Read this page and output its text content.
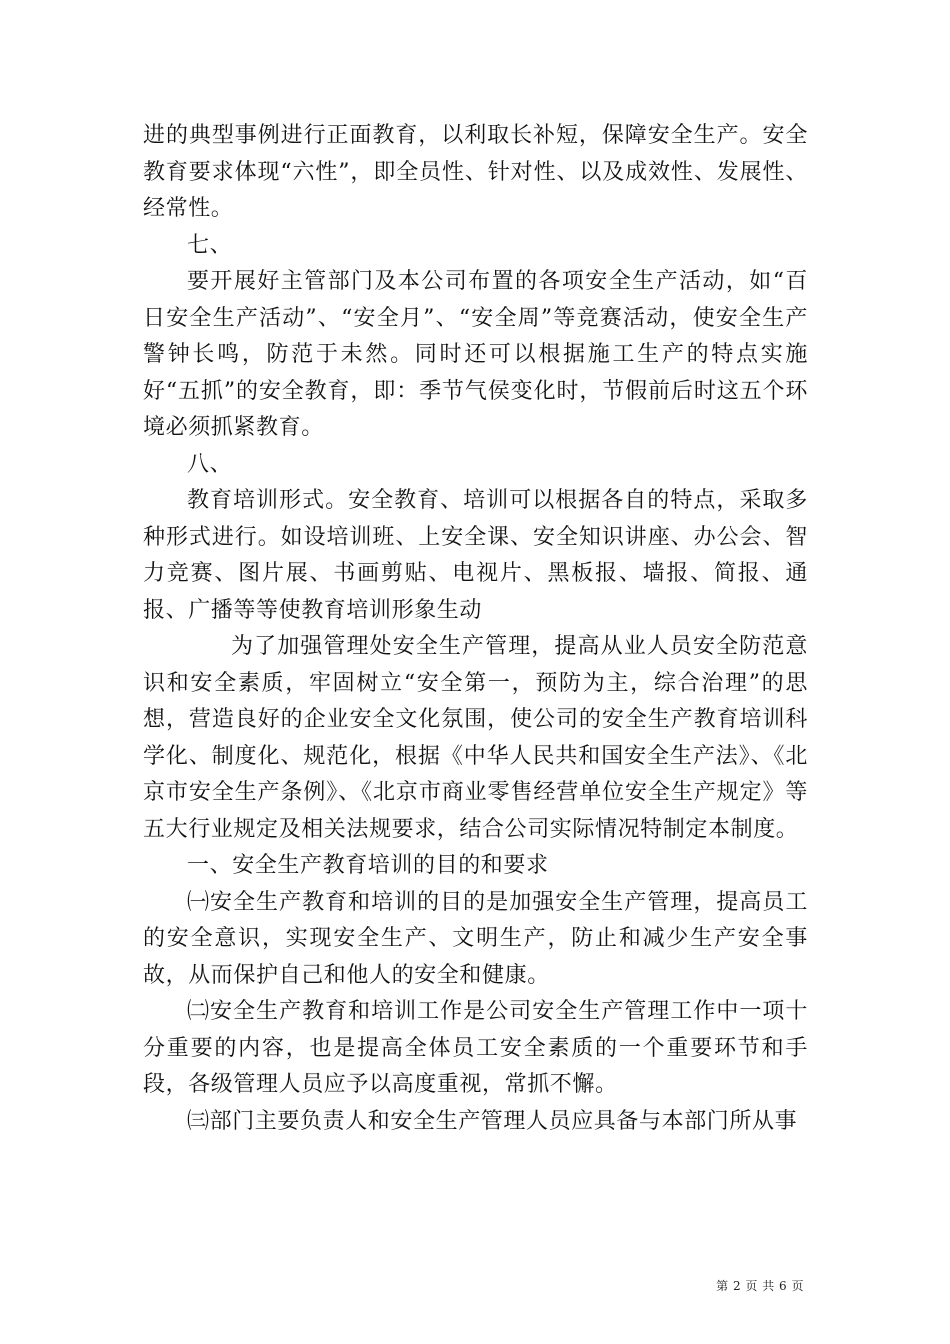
进的典型事例进行正面教育，以利取长补短，保障安全生产。安全教育要求体现“六性”，即全员性、针对性、以及成效性、发展性、经常性。

七、

要开展好主管部门及本公司布置的各项安全生产活动，如“百日安全生产活动”、“安全月”、“安全周”等竞赛活动，使安全生产警钟长鸣，防范于未然。同时还可以根据施工生产的特点实施好“五抓”的安全教育，即：季节气侯变化时，节假前后时这五个环境必须抓紧教育。

八、

教育培训形式。安全教育、培训可以根据各自的特点，采取多种形式进行。如设培训班、上安全课、安全知识讲座、办公会、智力竞赛、图片展、书画剪贴、电视片、黑板报、墙报、简报、通报、广播等等使教育培训形象生动

为了加强管理处安全生产管理，提高从业人员安全防范意识和安全素质，牢固树立“安全第一，预防为主，综合治理”的思想，营造良好的企业安全文化氛围，使公司的安全生产教育培训科学化、制度化、规范化，根据《中华人民共和国安全生产法》、《北京市安全生产条例》、《北京市商业零售经营单位安全生产规定》等五大行业规定及相关法规要求，结合公司实际情况特制定本制度。

一、安全生产教育培训的目的和要求

㈠安全生产教育和培训的目的是加强安全生产管理，提高员工的安全意识，实现安全生产、文明生产，防止和减少生产安全事故，从而保护自己和他人的安全和健康。

㈡安全生产教育和培训工作是公司安全生产管理工作中一项十分重要的内容，也是提高全体员工安全素质的一个重要环节和手段，各级管理人员应予以高度重视，常抓不懈。

㈢部门主要负责人和安全生产管理人员应具备与本部门所从事

第 2 页 共 6 页
